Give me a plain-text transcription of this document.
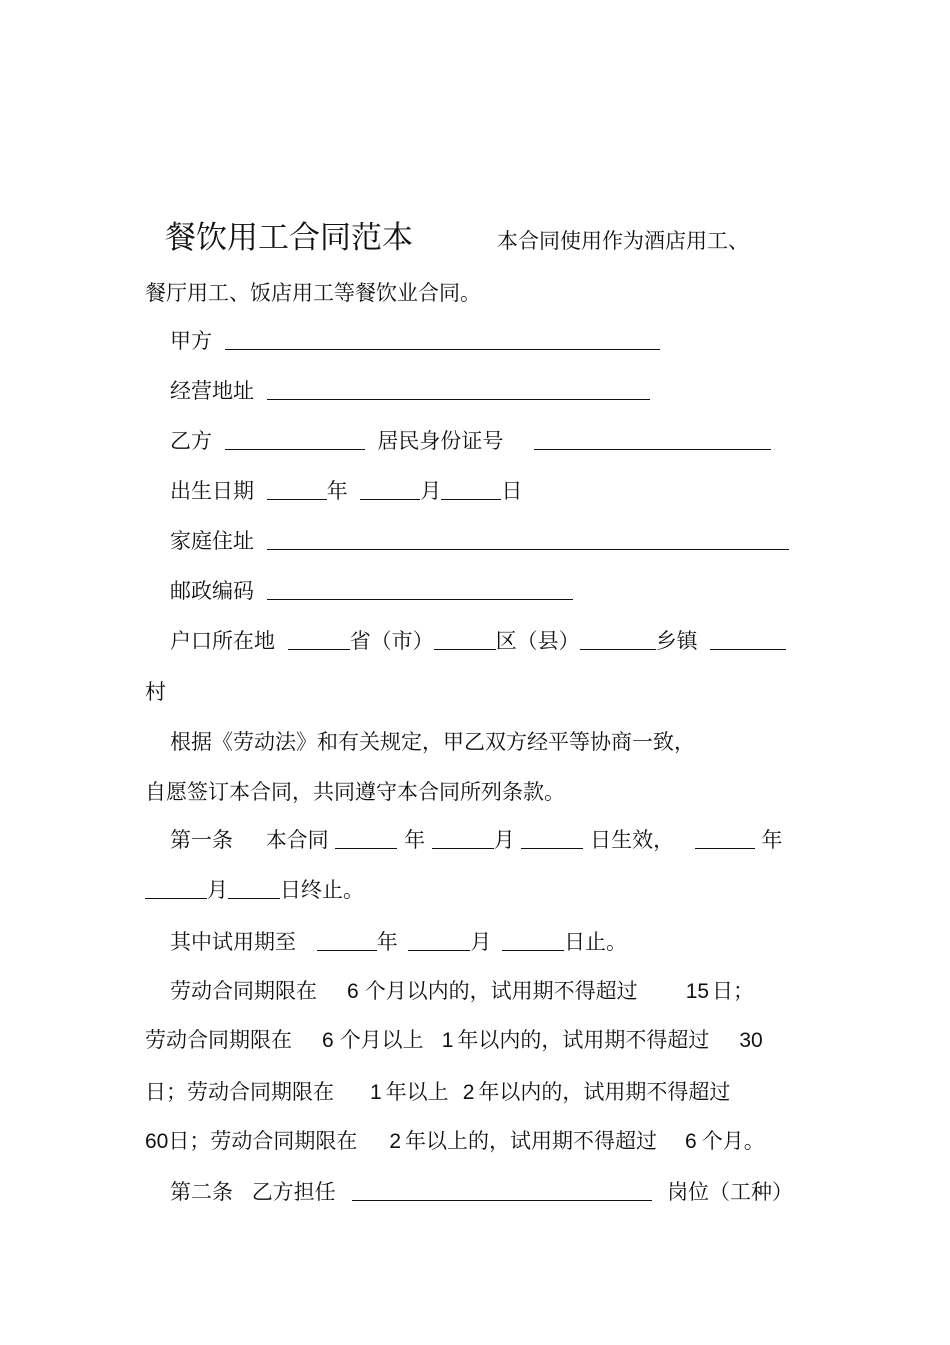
餐饮用工合同范本	本合同使用作为酒店用工、
餐厅用工、饭店用工等餐饮业合同。
甲方
经营地址
乙方	居民身份证号
出生日期	年	月	日
家庭住址
邮政编码
户口所在地	省（市）	区（县）	乡镇
村
根据《劳动法》和有关规定，甲乙双方经平等协商一致，
自愿签订本合同，共同遵守本合同所列条款。
第一条 本合同	年	月	日生效，	年
月 日终止。
其中试用期至	年	月	日止。
劳动合同期限在 6 个月以内的，试用期不得超过 15 日；
劳动合同期限在 6 个月以上 1 年以内的，试用期不得超过 30
日；劳动合同期限在 1 年以上 2 年以内的，试用期不得超过
60日；劳动合同期限在 2 年以上的，试用期不得超过 6 个月。
第二条 乙方担任	岗位（工种）
